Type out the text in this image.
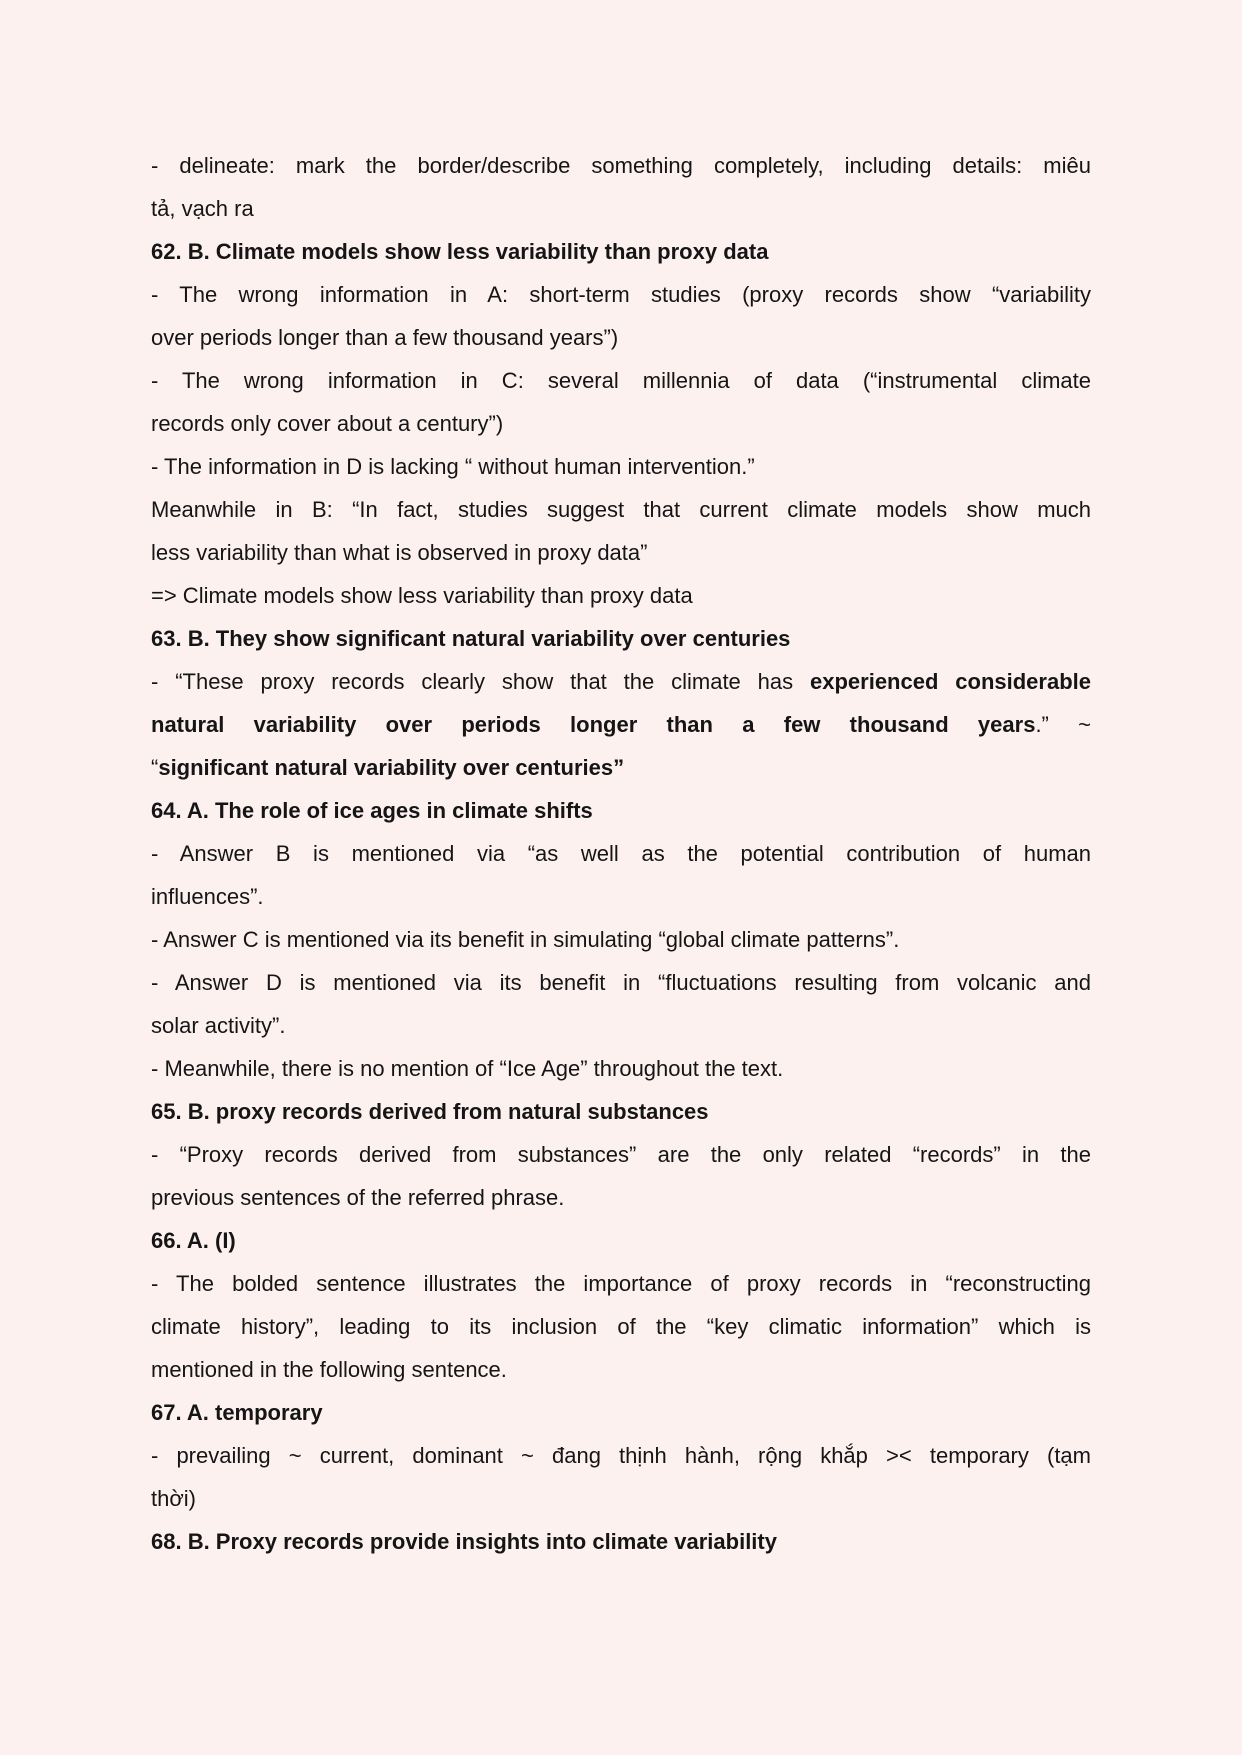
- delineate: mark the border/describe something completely, including details: miêu
tả, vạch ra
62. B. Climate models show less variability than proxy data
- The wrong information in A: short-term studies (proxy records show “variability
over periods longer than a few thousand years”)
- The wrong information in C: several millennia of data (“instrumental climate
records only cover about a century”)
- The information in D is lacking “ without human intervention.”
Meanwhile in B: “In fact, studies suggest that current climate models show much
less variability than what is observed in proxy data”
=> Climate models show less variability than proxy data
63. B. They show significant natural variability over centuries
- “These proxy records clearly show that the climate has experienced considerable
natural variability over periods longer than a few thousand years.” ~
“significant natural variability over centuries”
64. A. The role of ice ages in climate shifts
- Answer B is mentioned via “as well as the potential contribution of human
influences”.
- Answer C is mentioned via its benefit in simulating “global climate patterns”.
- Answer D is mentioned via its benefit in “fluctuations resulting from volcanic and
solar activity”.
- Meanwhile, there is no mention of “Ice Age” throughout the text.
65. B. proxy records derived from natural substances
- “Proxy records derived from substances” are the only related “records” in the
previous sentences of the referred phrase.
66. A. (I)
- The bolded sentence illustrates the importance of proxy records in “reconstructing
climate history”, leading to its inclusion of the “key climatic information” which is
mentioned in the following sentence.
67. A. temporary
- prevailing ~ current, dominant ~ đang thịnh hành, rộng khắp >< temporary (tạm
thời)
68. B. Proxy records provide insights into climate variability
